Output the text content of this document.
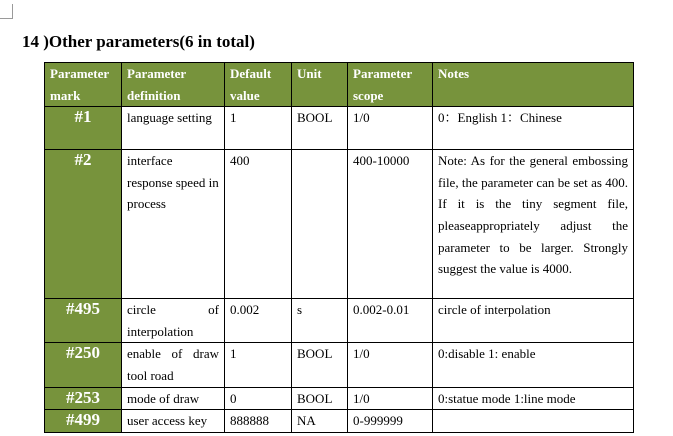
14 )Other parameters(6 in total)
Parameter mark	Parameter definition	Default value	Unit	Parameter scope	Notes
#1	language setting	1	BOOL	1/0	0：English 1：Chinese
#2	interface response speed in process	400		400-10000	Note: As for the general embossing file, the parameter can be set as 400. If it is the tiny segment file, pleaseappropriately adjust the parameter to be larger. Strongly suggest the value is 4000.
#495	circle of interpolation	0.002	s	0.002-0.01	circle of interpolation
#250	enable of draw tool road	1	BOOL	1/0	0:disable 1: enable
#253	mode of draw	0	BOOL	1/0	0:statue mode 1:line mode
#499	user access key	888888	NA	0-999999	
